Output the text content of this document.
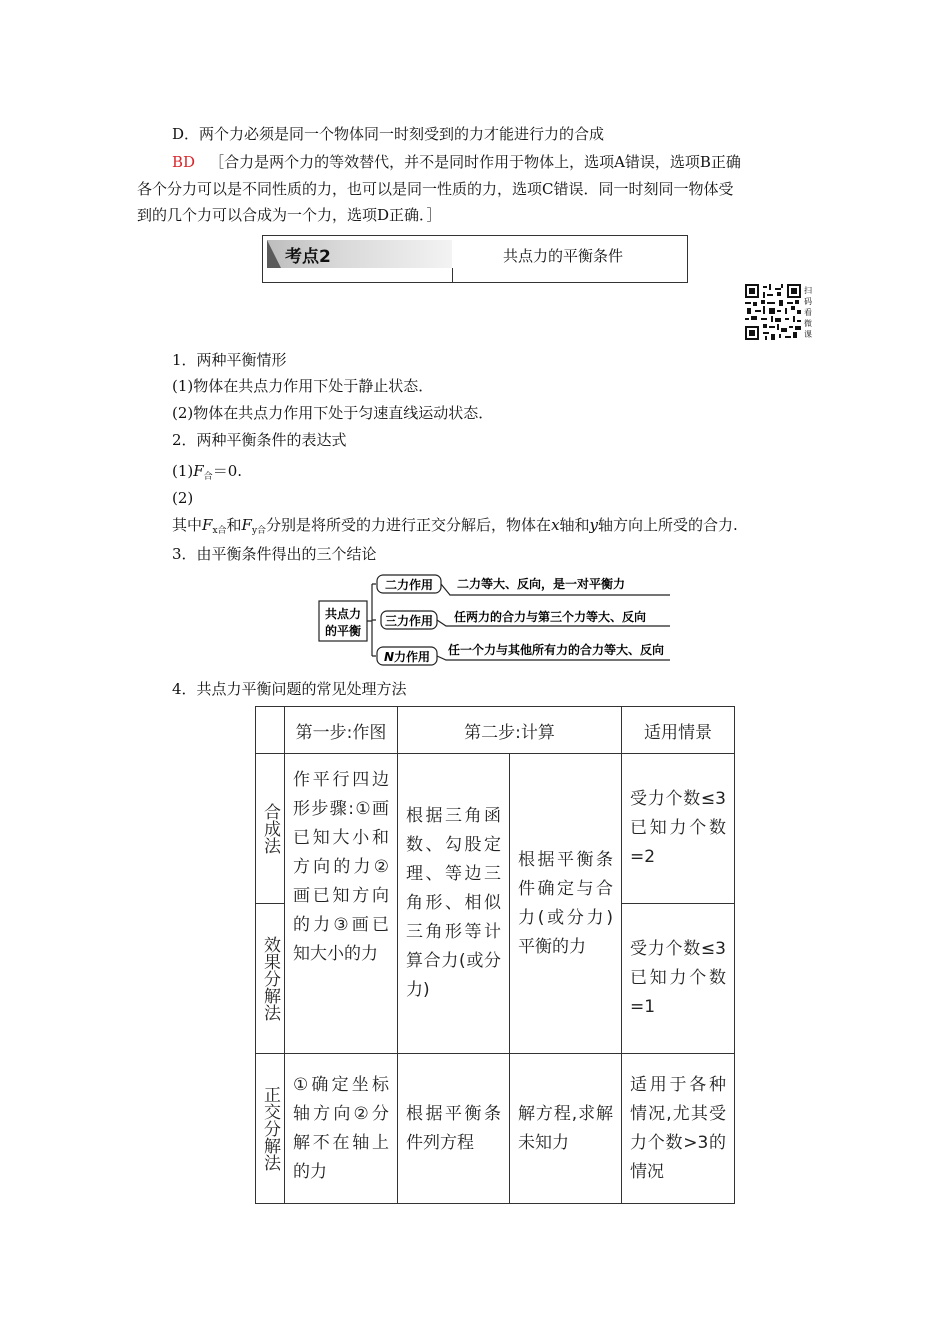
D．两个力必须是同一个物体同一时刻受到的力才能进行力的合成
BD ［合力是两个力的等效替代，并不是同时作用于物体上，选项A错误，选项B正确
各个分力可以是不同性质的力，也可以是同一性质的力，选项C错误．同一时刻同一物体受
到的几个力可以合成为一个力，选项D正确．］
考点2	共点力的平衡条件
扫码看微课
1．两种平衡情形
(1)物体在共点力作用下处于静止状态．
(2)物体在共点力作用下处于匀速直线运动状态．
2．两种平衡条件的表达式
$(1)F_合=0$.
(2)
其中$F_{x合}$和$F_{y合}$分别是将所受的力进行正交分解后，物体在x轴和y轴方向上所受的合力.
3．由平衡条件得出的三个结论
共点力
的平衡
二力作用 二力等大、反向，是一对平衡力
三力作用 任两力的合力与第三个力等大、反向
N力作用 任一个力与其他所有力的合力等大、反向
4．共点力平衡问题的常见处理方法
	第一步:作图	第二步:计算		适用情景

合成法	作平行四边形步骤:①画已知大小和方向的力②画已知方向的力③画已知大小的力	根据三角函数、勾股定理、等边三角形、相似三角形等计算合力(或分力)	根据平衡条件确定与合力(或分力)平衡的力	受力个数≤3已知力个数=2

效果分解法				受力个数≤3已知力个数=1

正交分解法	①确定坐标轴方向②分解不在轴上的力	根据平衡条件列方程	解方程,求解未知力	适用于各种情况,尤其受力个数>3的情况
